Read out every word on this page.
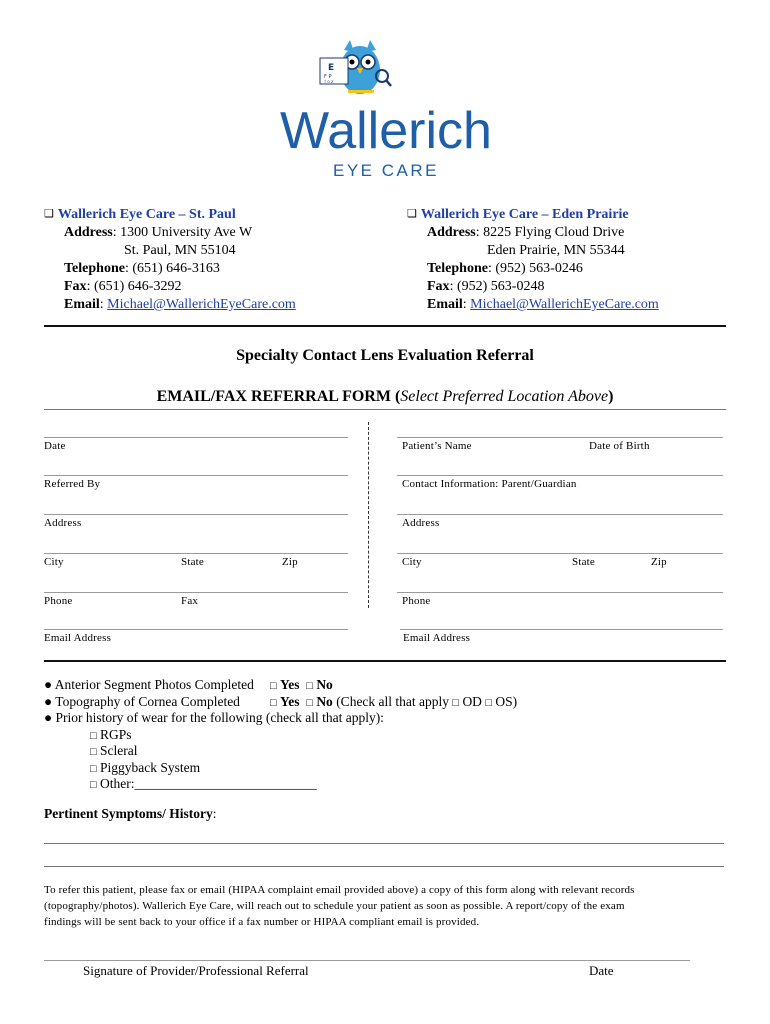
E
F P
T O Z
Wallerich
EYE CARE
❑ Wallerich Eye Care – St. Paul
Address: 1300 University Ave W
St. Paul, MN 55104
Telephone: (651) 646-3163
Fax: (651) 646-3292
Email: Michael@WallerichEyeCare.com
❑ Wallerich Eye Care – Eden Prairie
Address: 8225 Flying Cloud Drive
Eden Prairie, MN 55344
Telephone: (952) 563-0246
Fax: (952) 563-0248
Email: Michael@WallerichEyeCare.com
Specialty Contact Lens Evaluation Referral
EMAIL/FAX REFERRAL FORM (Select Preferred Location Above)
Date
Referred By
Address
City	State	Zip
Phone	Fax
Email Address
Patient’s Name	Date of Birth
Contact Information: Parent/Guardian
Address
City	State	Zip
Phone
Email Address
● Anterior Segment Photos Completed □ Yes □ No
● Topography of Cornea Completed	□ Yes □ No (Check all that apply □ OD □ OS)
● Prior history of wear for the following (check all that apply):
□ RGPs
□ Scleral
□ Piggyback System
□ Other:___________________________
Pertinent Symptoms/ History:
To refer this patient, please fax or email (HIPAA complaint email provided above) a copy of this form along with relevant records
(topography/photos). Wallerich Eye Care, will reach out to schedule your patient as soon as possible. A report/copy of the exam
findings will be sent back to your office if a fax number or HIPAA compliant email is provided.
Signature of Provider/Professional Referral	Date
